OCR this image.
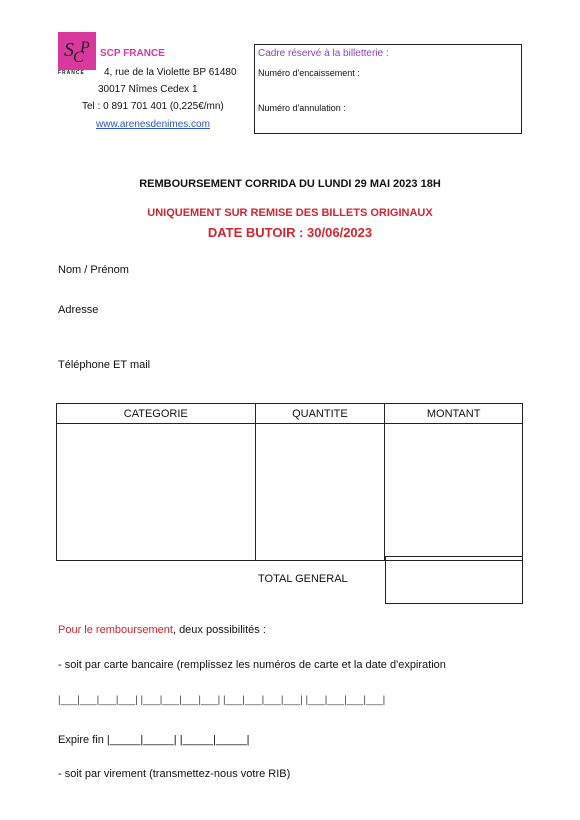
S C
P
FRANCE
SCP FRANCE
4, rue de la Violette BP 61480
30017 Nîmes Cedex 1
Tel : 0 891 701 401 (0,225€/mn)
www.arenesdenimes.com
Cadre réservé à la billetterie :
Numéro d'encaissement :
Numéro d'annulation :
REMBOURSEMENT CORRIDA DU LUNDI 29 MAI 2023 18H
UNIQUEMENT SUR REMISE DES BILLETS ORIGINAUX
DATE BUTOIR : 30/06/2023
Nom / Prénom
Adresse
Téléphone ET mail
CATEGORIE	QUANTITE	MONTANT

TOTAL GENERAL
Pour le remboursement, deux possibilités :
- soit par carte bancaire (remplissez les numéros de carte et la date d'expiration
|___|___|___|___| |___|___|___|___| |___|___|___|___| |___|___|___|___|
Expire fin |_____|_____| |_____|_____|
- soit par virement (transmettez-nous votre RIB)
